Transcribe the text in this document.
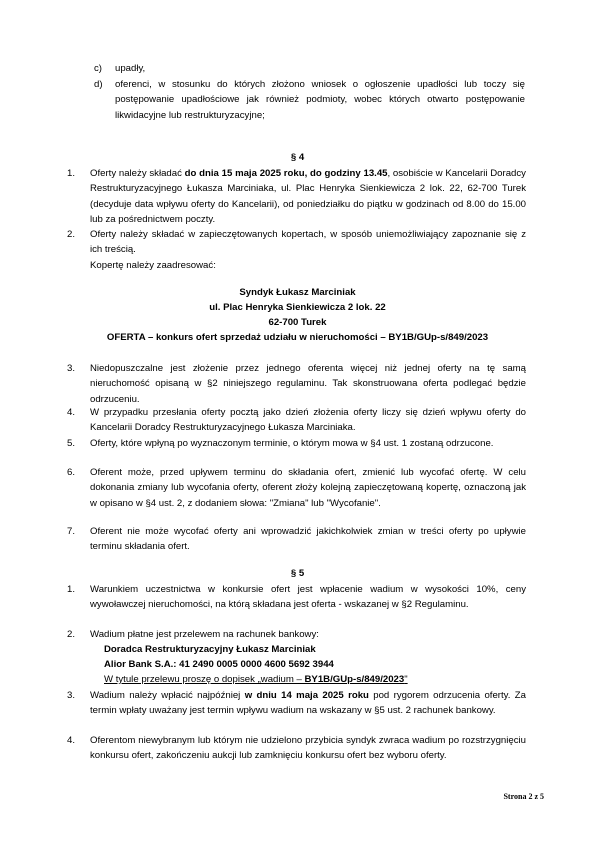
c) upadły,
d) oferenci, w stosunku do których złożono wniosek o ogłoszenie upadłości lub toczy się postępowanie upadłościowe jak również podmioty, wobec których otwarto postępowanie likwidacyjne lub restrukturyzacyjne;
§ 4
1. Oferty należy składać do dnia 15 maja 2025 roku, do godziny 13.45, osobiście w Kancelarii Doradcy Restrukturyzacyjnego Łukasza Marciniaka, ul. Plac Henryka Sienkiewicza 2 lok. 22, 62-700 Turek (decyduje data wpływu oferty do Kancelarii), od poniedziałku do piątku w godzinach od 8.00 do 15.00 lub za pośrednictwem poczty.
2. Oferty należy składać w zapieczętowanych kopertach, w sposób uniemożliwiający zapoznanie się z ich treścią.
Kopertę należy zaadresować:
Syndyk Łukasz Marciniak
ul. Plac Henryka Sienkiewicza 2 lok. 22
62-700 Turek
OFERTA – konkurs ofert sprzedaż udziału w nieruchomości – BY1B/GUp-s/849/2023
3. Niedopuszczalne jest złożenie przez jednego oferenta więcej niż jednej oferty na tę samą nieruchomość opisaną w §2 niniejszego regulaminu. Tak skonstruowana oferta podlegać będzie odrzuceniu.
4. W przypadku przesłania oferty pocztą jako dzień złożenia oferty liczy się dzień wpływu oferty do Kancelarii Doradcy Restrukturyzacyjnego Łukasza Marciniaka.
5. Oferty, które wpłyną po wyznaczonym terminie, o którym mowa w §4 ust. 1 zostaną odrzucone.
6. Oferent może, przed upływem terminu do składania ofert, zmienić lub wycofać ofertę. W celu dokonania zmiany lub wycofania oferty, oferent złoży kolejną zapieczętowaną kopertę, oznaczoną jak w opisano w §4 ust. 2, z dodaniem słowa: "Zmiana" lub "Wycofanie".
7. Oferent nie może wycofać oferty ani wprowadzić jakichkolwiek zmian w treści oferty po upływie terminu składania ofert.
§ 5
1. Warunkiem uczestnictwa w konkursie ofert jest wpłacenie wadium w wysokości 10%, ceny wywoławczej nieruchomości, na którą składana jest oferta - wskazanej w §2 Regulaminu.
2. Wadium płatne jest przelewem na rachunek bankowy:
Doradca Restrukturyzacyjny Łukasz Marciniak
Alior Bank S.A.: 41 2490 0005 0000 4600 5692 3944
W tytule przelewu proszę o dopisek „wadium – BY1B/GUp-s/849/2023"
3. Wadium należy wpłacić najpóźniej w dniu 14 maja 2025 roku pod rygorem odrzucenia oferty. Za termin wpłaty uważany jest termin wpływu wadium na wskazany w §5 ust. 2 rachunek bankowy.
4. Oferentom niewybranym lub którym nie udzielono przybicia syndyk zwraca wadium po rozstrzygnięciu konkursu ofert, zakończeniu aukcji lub zamknięciu konkursu ofert bez wyboru oferty.
Strona 2 z 5
